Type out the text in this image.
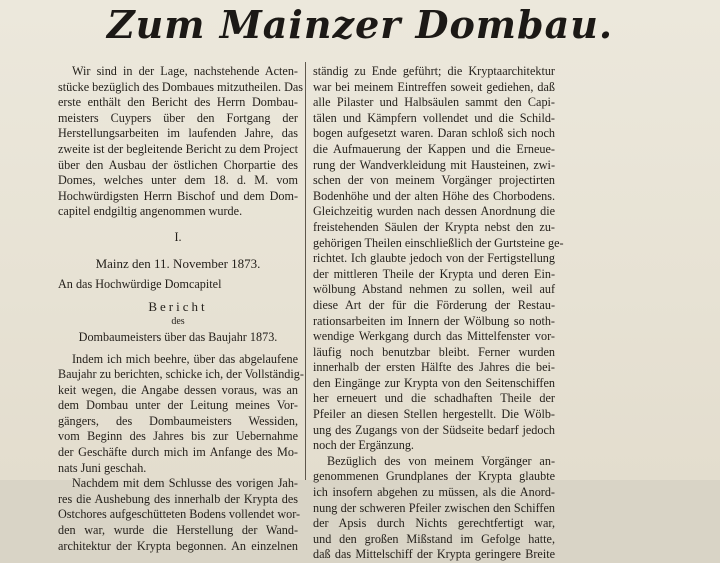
Zum Mainzer Dombau.
Wir sind in der Lage, nachstehende Acten-
stücke bezüglich des Dombaues mitzutheilen. Das
erste enthält den Bericht des Herrn Dombau-
meisters Cuypers über den Fortgang der
Herstellungsarbeiten im laufenden Jahre, das
zweite ist der begleitende Bericht zu dem Project
über den Ausbau der östlichen Chorpartie des
Domes, welches unter dem 18. d. M. vom
Hochwürdigsten Herrn Bischof und dem Dom-
capitel endgiltig angenommen wurde.
I.
Mainz den 11. November 1873.
An das Hochwürdige Domcapitel
Bericht
des
Dombaumeisters über das Baujahr 1873.
Indem ich mich beehre, über das abgelaufene
Baujahr zu berichten, schicke ich, der Vollständig-
keit wegen, die Angabe dessen voraus, was an
dem Dombau unter der Leitung meines Vor-
gängers, des Dombaumeisters Wessiden,
vom Beginn des Jahres bis zur Uebernahme
der Geschäfte durch mich im Anfange des Mo-
nats Juni geschah.
Nachdem mit dem Schlusse des vorigen Jah-
res die Aushebung des innerhalb der Krypta des
Ostchores aufgeschütteten Bodens vollendet wor-
den war, wurde die Herstellung der Wand-
architektur der Krypta begonnen. An einzelnen
ständig zu Ende geführt; die Kryptaarchitektur
war bei meinem Eintreffen soweit gediehen, daß
alle Pilaster und Halbsäulen sammt den Capi-
tälen und Kämpfern vollendet und die Schild-
bogen aufgesetzt waren. Daran schloß sich noch
die Aufmauerung der Kappen und die Erneue-
rung der Wandverkleidung mit Hausteinen, zwi-
schen der von meinem Vorgänger projectirten
Bodenhöhe und der alten Höhe des Chorbodens.
Gleichzeitig wurden nach dessen Anordnung die
freistehenden Säulen der Krypta nebst den zu-
gehörigen Theilen einschließlich der Gurtsteine ge-
richtet. Ich glaubte jedoch von der Fertigstellung
der mittleren Theile der Krypta und deren Ein-
wölbung Abstand nehmen zu sollen, weil auf
diese Art der für die Förderung der Restau-
rationsarbeiten im Innern der Wölbung so noth-
wendige Werkgang durch das Mittelfenster vor-
läufig noch benutzbar bleibt. Ferner wurden
innerhalb der ersten Hälfte des Jahres die bei-
den Eingänge zur Krypta von den Seitenschiffen
her erneuert und die schadhaften Theile der
Pfeiler an diesen Stellen hergestellt. Die Wölb-
ung des Zugangs von der Südseite bedarf jedoch
noch der Ergänzung.
Bezüglich des von meinem Vorgänger an-
genommenen Grundplanes der Krypta glaubte
ich insofern abgehen zu müssen, als die Anord-
nung der schweren Pfeiler zwischen den Schiffen
der Apsis durch Nichts gerechtfertigt war,
und den großen Mißstand im Gefolge hatte,
daß das Mittelschiff der Krypta geringere Breite
